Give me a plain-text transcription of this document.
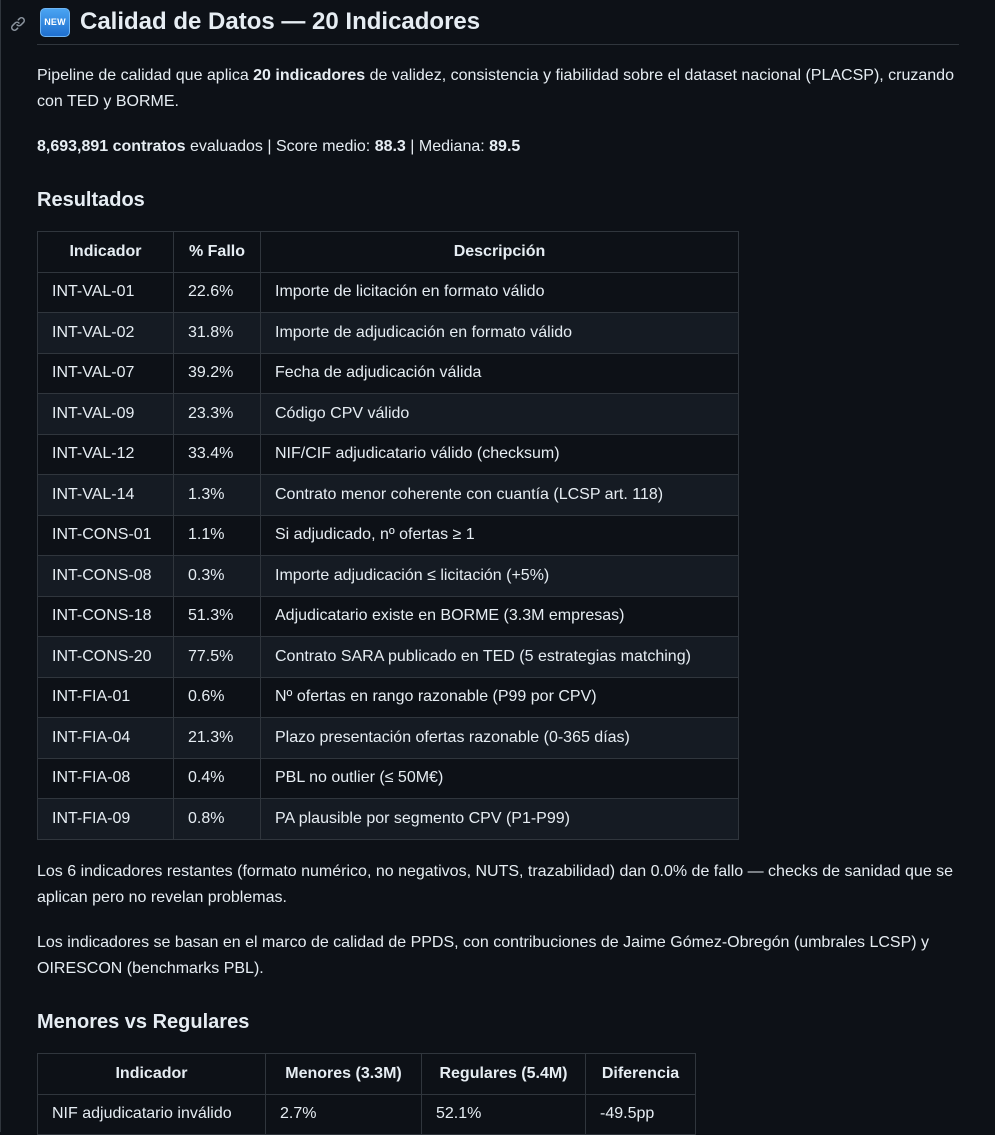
NEW Calidad de Datos — 20 Indicadores

Pipeline de calidad que aplica 20 indicadores de validez, consistencia y fiabilidad sobre el dataset nacional (PLACSP), cruzando con TED y BORME.

8,693,891 contratos evaluados | Score medio: 88.3 | Mediana: 89.5

Resultados
Indicador	% Fallo	Descripción
INT-VAL-01	22.6%	Importe de licitación en formato válido
INT-VAL-02	31.8%	Importe de adjudicación en formato válido
INT-VAL-07	39.2%	Fecha de adjudicación válida
INT-VAL-09	23.3%	Código CPV válido
INT-VAL-12	33.4%	NIF/CIF adjudicatario válido (checksum)
INT-VAL-14	1.3%	Contrato menor coherente con cuantía (LCSP art. 118)
INT-CONS-01	1.1%	Si adjudicado, nº ofertas ≥ 1
INT-CONS-08	0.3%	Importe adjudicación ≤ licitación (+5%)
INT-CONS-18	51.3%	Adjudicatario existe en BORME (3.3M empresas)
INT-CONS-20	77.5%	Contrato SARA publicado en TED (5 estrategias matching)
INT-FIA-01	0.6%	Nº ofertas en rango razonable (P99 por CPV)
INT-FIA-04	21.3%	Plazo presentación ofertas razonable (0-365 días)
INT-FIA-08	0.4%	PBL no outlier (≤ 50M€)
INT-FIA-09	0.8%	PA plausible por segmento CPV (P1-P99)

Los 6 indicadores restantes (formato numérico, no negativos, NUTS, trazabilidad) dan 0.0% de fallo — checks de sanidad que se aplican pero no revelan problemas.

Los indicadores se basan en el marco de calidad de PPDS, con contribuciones de Jaime Gómez-Obregón (umbrales LCSP) y OIRESCON (benchmarks PBL).

Menores vs Regulares
Indicador	Menores (3.3M)	Regulares (5.4M)	Diferencia
NIF adjudicatario inválido	2.7%	52.1%	-49.5pp
